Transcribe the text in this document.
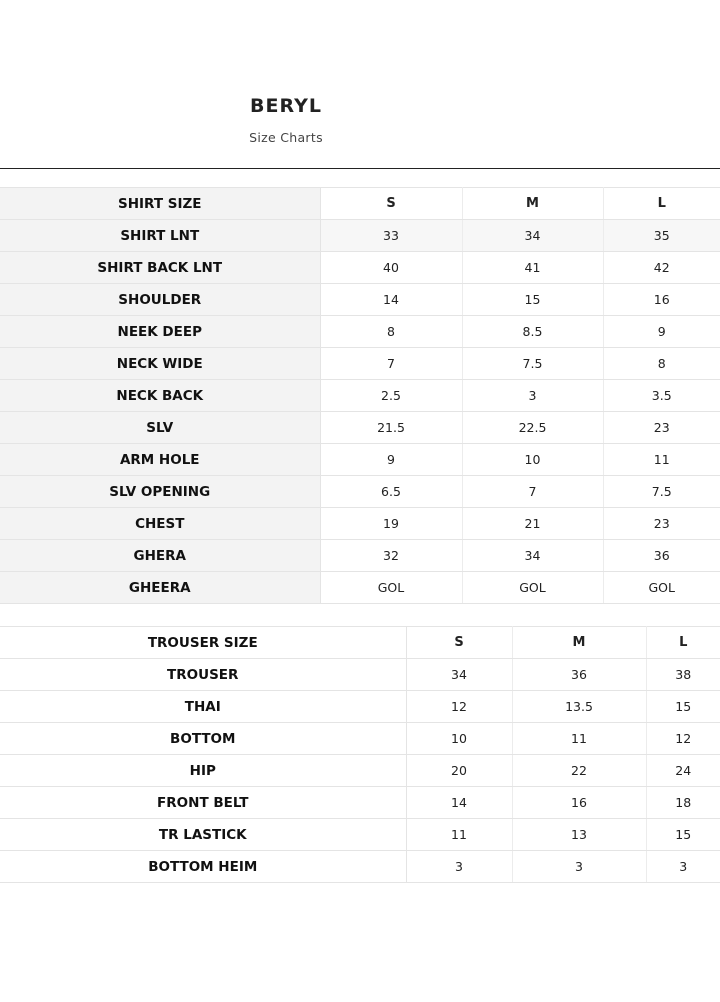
BERYL
Size Charts
SHIRT SIZE	S	M	L
SHIRT LNT	33	34	35
SHIRT BACK LNT	40	41	42
SHOULDER	14	15	16
NEEK DEEP	8	8.5	9
NECK WIDE	7	7.5	8
NECK BACK	2.5	3	3.5
SLV	21.5	22.5	23
ARM HOLE	9	10	11
SLV OPENING	6.5	7	7.5
CHEST	19	21	23
GHERA	32	34	36
GHEERA	GOL	GOL	GOL
TROUSER SIZE	S	M	L
TROUSER	34	36	38
THAI	12	13.5	15
BOTTOM	10	11	12
HIP	20	22	24
FRONT BELT	14	16	18
TR LASTICK	11	13	15
BOTTOM HEIM	3	3	3
